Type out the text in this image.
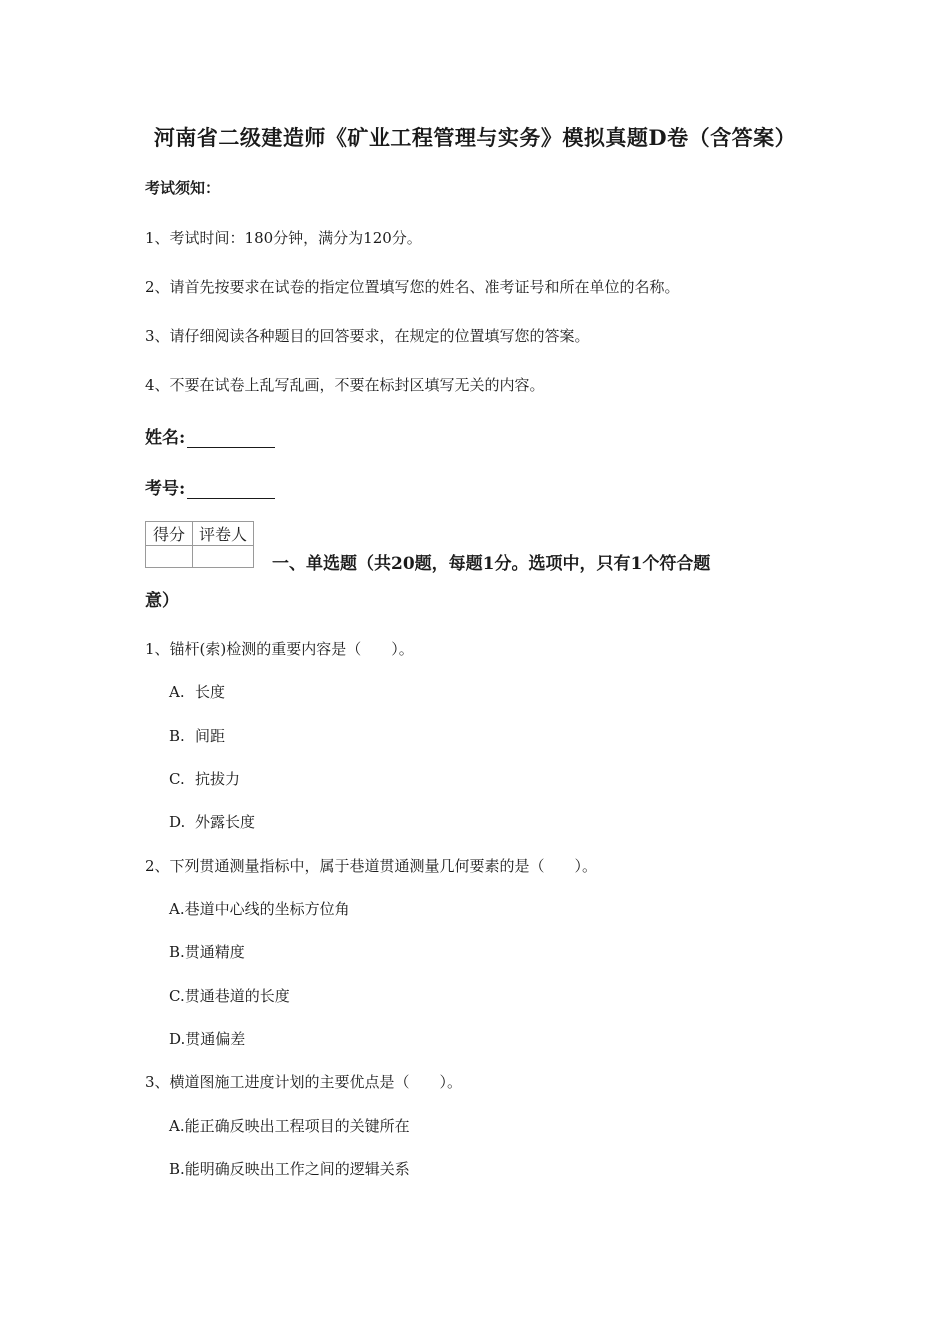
河南省二级建造师《矿业工程管理与实务》模拟真题D卷（含答案）
考试须知：
1、考试时间：180分钟，满分为120分。
2、请首先按要求在试卷的指定位置填写您的姓名、准考证号和所在单位的名称。
3、请仔细阅读各种题目的回答要求，在规定的位置填写您的答案。
4、不要在试卷上乱写乱画，不要在标封区填写无关的内容。
姓名:
考号:
得分	评卷人

一、单选题（共20题，每题1分。选项中，只有1个符合题
意）
1、锚杆(索)检测的重要内容是（　　）。
A. 长度
B. 间距
C. 抗拔力
D. 外露长度
2、下列贯通测量指标中，属于巷道贯通测量几何要素的是（　　）。
A.巷道中心线的坐标方位角
B.贯通精度
C.贯通巷道的长度
D.贯通偏差
3、横道图施工进度计划的主要优点是（　　）。
A.能正确反映出工程项目的关键所在
B.能明确反映出工作之间的逻辑关系
